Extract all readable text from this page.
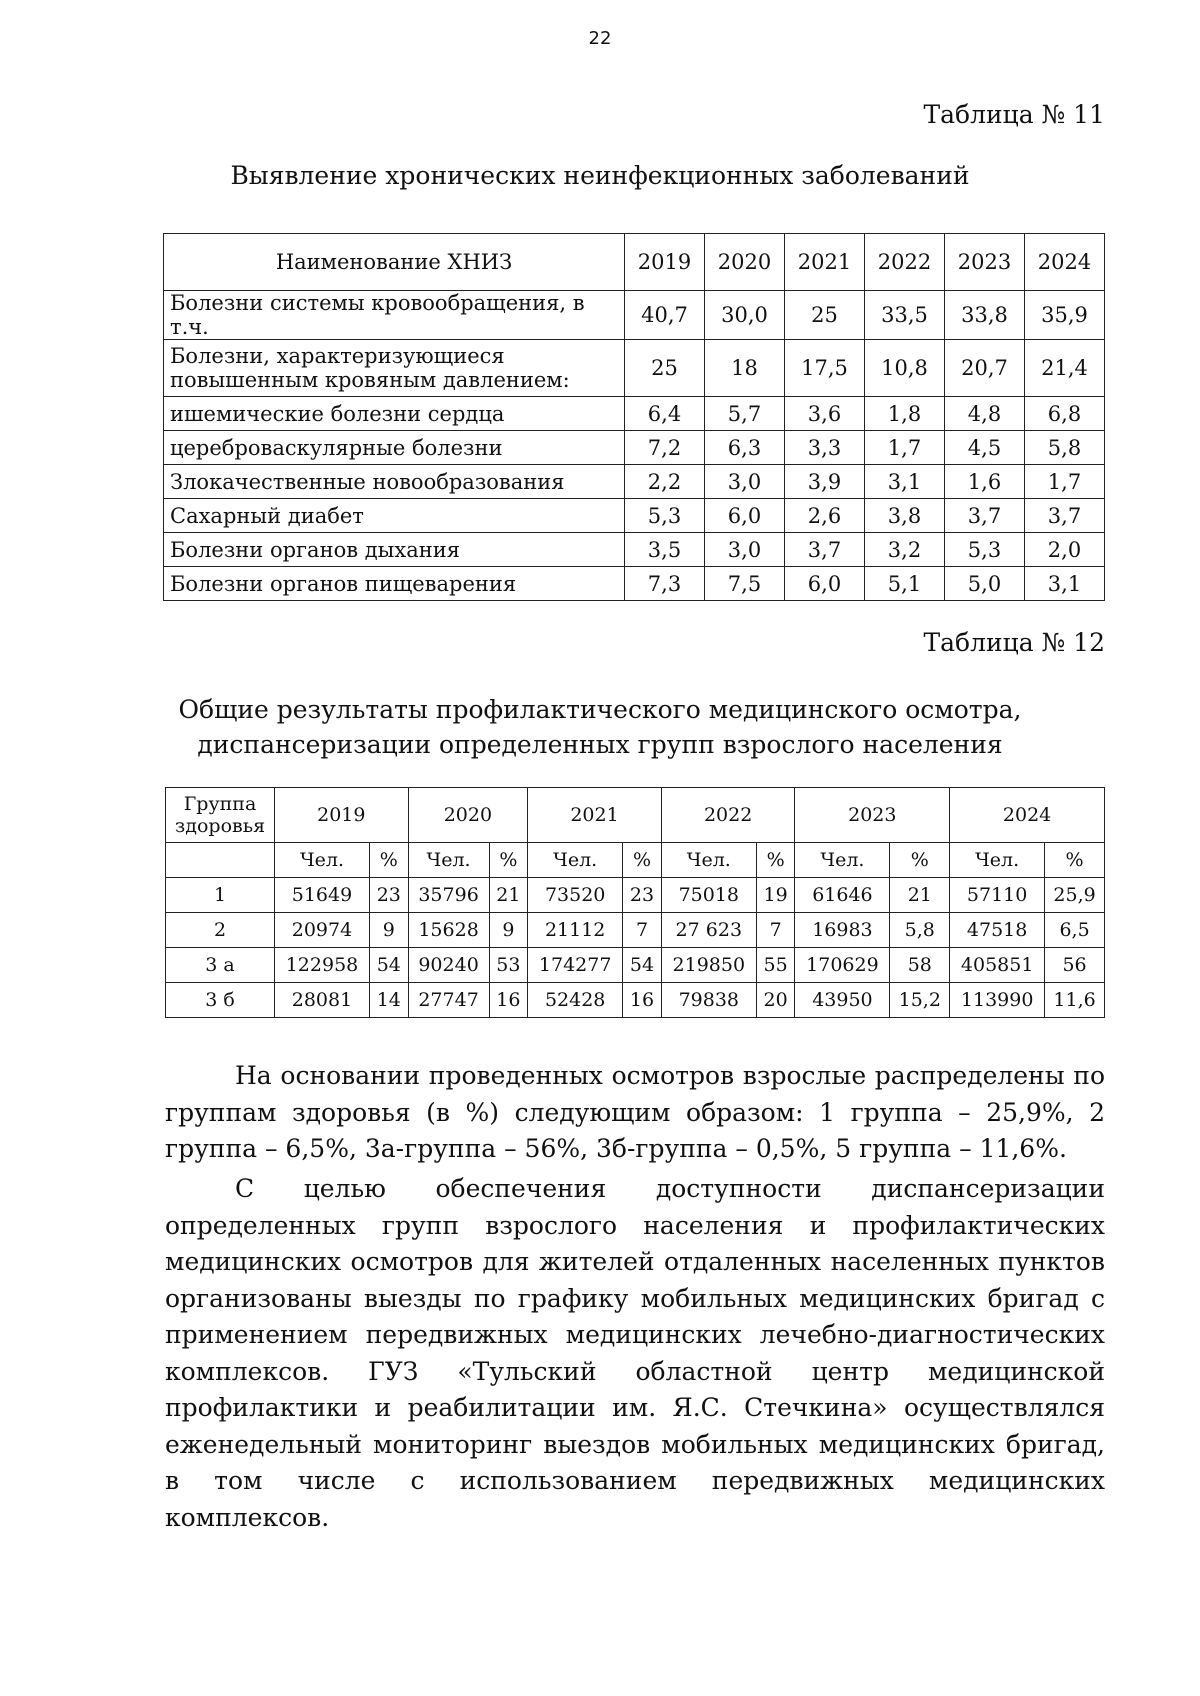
22
Таблица № 11
Выявление хронических неинфекционных заболеваний
Наименование ХНИЗ	2019	2020	2021	2022	2023	2024
Болезни системы кровообращения, в т.ч.	40,7	30,0	25	33,5	33,8	35,9
Болезни, характеризующиеся повышенным кровяным давлением:	25	18	17,5	10,8	20,7	21,4
ишемические болезни сердца	6,4	5,7	3,6	1,8	4,8	6,8
цереброваскулярные болезни	7,2	6,3	3,3	1,7	4,5	5,8
Злокачественные новообразования	2,2	3,0	3,9	3,1	1,6	1,7
Сахарный диабет	5,3	6,0	2,6	3,8	3,7	3,7
Болезни органов дыхания	3,5	3,0	3,7	3,2	5,3	2,0
Болезни органов пищеварения	7,3	7,5	6,0	5,1	5,0	3,1
Таблица № 12
Общие результаты профилактического медицинского осмотра,
диспансеризации определенных групп взрослого населения
Группа
здоровья	2019		2020		2021		2022		2023		2024	
	Чел.	%	Чел.	%	Чел.	%	Чел.	%	Чел.	%	Чел.	%
1	51649	23	35796	21	73520	23	75018	19	61646	21	57110	25,9
2	20974	9	15628	9	21112	7	27 623	7	16983	5,8	47518	6,5
3 а	122958	54	90240	53	174277	54	219850	55	170629	58	405851	56
3 б	28081	14	27747	16	52428	16	79838	20	43950	15,2	113990	11,6

На основании проведенных осмотров взрослые распределены по группам здоровья (в %) следующим образом: 1 группа – 25,9%, 2 группа – 6,5%, 3а-группа – 56%, 3б-группа – 0,5%, 5 группа – 11,6%.

С целью обеспечения доступности диспансеризации определенных групп взрослого населения и профилактических медицинских осмотров для жителей отдаленных населенных пунктов организованы выезды по графику мобильных медицинских бригад с применением передвижных медицинских лечебно-диагностических комплексов. ГУЗ «Тульский областной центр медицинской профилактики и реабилитации им. Я.С. Стечкина» осуществлялся еженедельный мониторинг выездов мобильных медицинских бригад, в том числе с использованием передвижных медицинских комплексов.
